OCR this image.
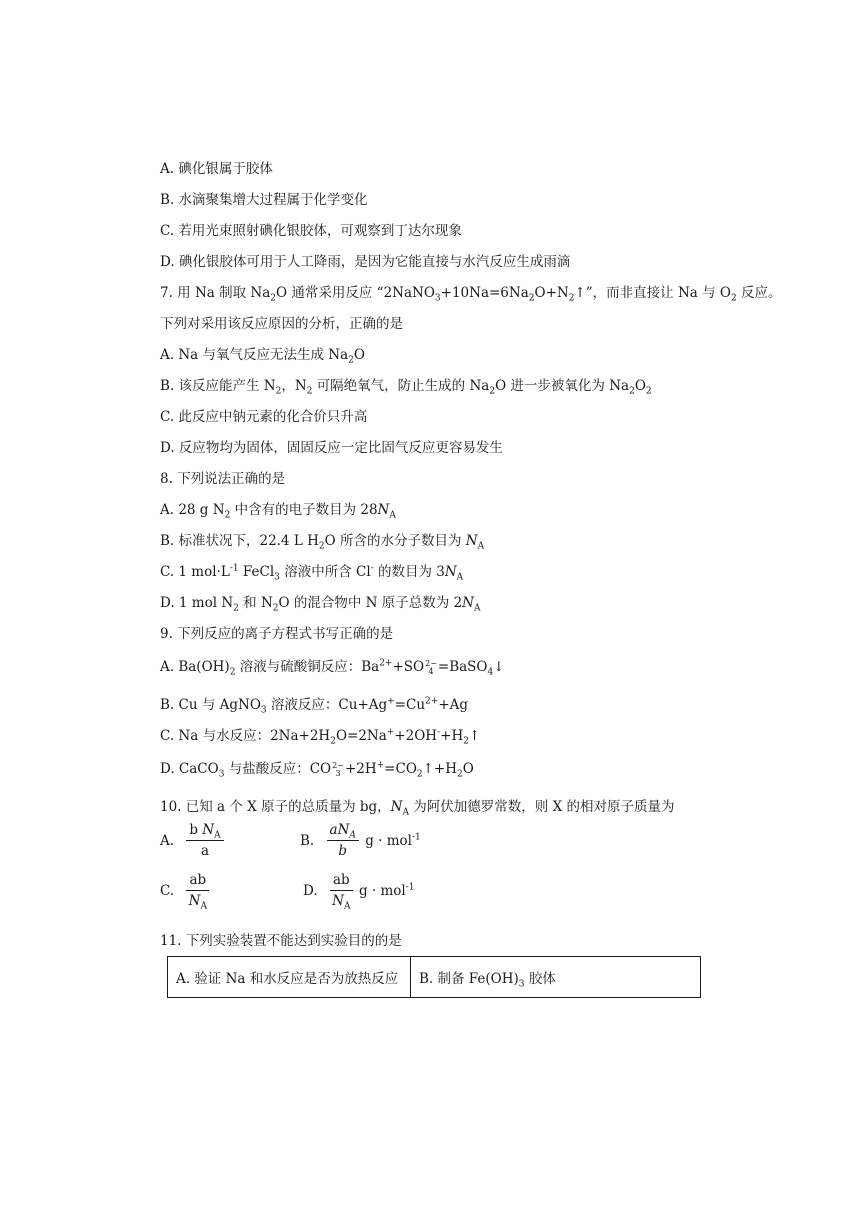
A. 碘化银属于胶体
B. 水滴聚集增大过程属于化学变化
C. 若用光束照射碘化银胶体，可观察到丁达尔现象
D. 碘化银胶体可用于人工降雨，是因为它能直接与水汽反应生成雨滴
7. 用 Na 制取 $Na_2O$ 通常采用反应 “$2NaNO_3+10Na=6Na_2O+N_2↑$”，而非直接让 Na 与 $O_2$ 反应。
下列对采用该反应原因的分析，正确的是
A. Na 与氧气反应无法生成 $Na_2O$
B. 该反应能产生 $N_2$，$N_2$ 可隔绝氧气，防止生成的 $Na_2O$ 进一步被氧化为 $Na_2O_2$
C. 此反应中钠元素的化合价只升高
D. 反应物均为固体，固固反应一定比固气反应更容易发生
8. 下列说法正确的是
A. 28 g $N_2$ 中含有的电子数目为 $28N_A$
B. 标准状况下，22.4 L $H_2O$ 所含的水分子数目为 $N_A$
C. 1 $mol\cdot L^{-1}$ FeCl$_3$ 溶液中所含 Cl- 的数目为 $3N_A$
D. 1 mol $N_2$ 和 $N_2O$ 的混合物中 N 原子总数为 $2N_A$
9. 下列反应的离子方程式书写正确的是
A. $Ba(OH)_2$ 溶液与硫酸铜反应：$Ba^{2+}+SO$ 2−
4 =BaSO$_4$↓
B. Cu 与 AgNO$_3$ 溶液反应：$Cu+Ag^+=Cu^{2+}+Ag$
C. Na 与水反应：$2Na+2H_2O=2Na^++2OH^-+H_2↑$
D. CaCO$_3$ 与盐酸反应：CO 2−
$3 +2H^+=CO_2↑+H_2O$
10. 已知 a 个 X 原子的总质量为 bg，$N_A$ 为阿伏加德罗常数，则 X 的相对原子质量为
A. $\frac{b N_A}{a}$	B. $\frac{aN_A}{b}$ g · mol$^{-1}$
C. $\frac{ab}{N_A}$	D. $\frac{ab}{N_A}$ g · mol$^{-1}$
11. 下列实验装置不能达到实验目的的是
A. 验证 Na 和水反应是否为放热反应	B. 制备 $Fe(OH)_3$ 胶体
